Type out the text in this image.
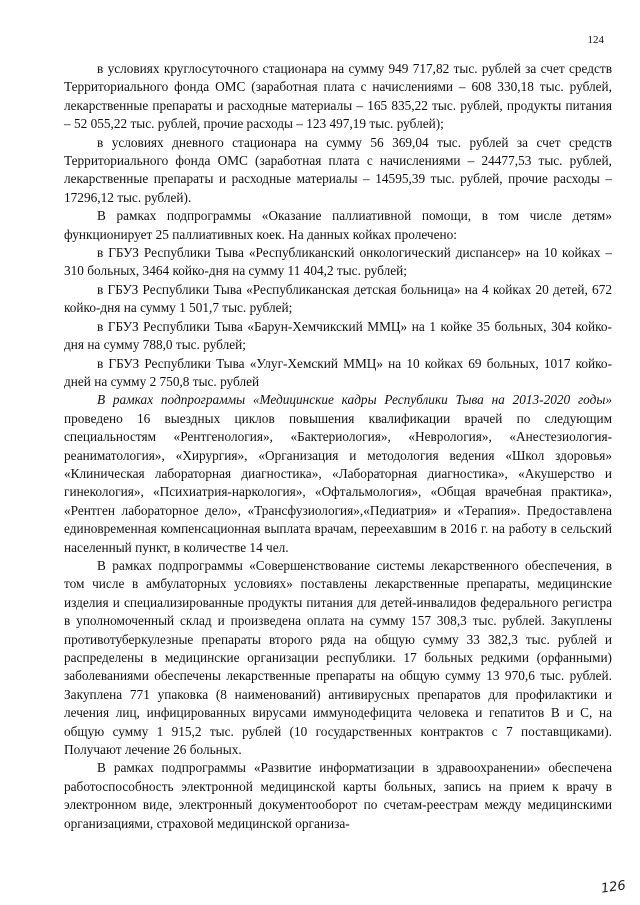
124

в условиях круглосуточного стационара на сумму 949 717,82 тыс. рублей за счет средств Территориального фонда ОМС (заработная плата с начислениями – 608 330,18 тыс. рублей, лекарственные препараты и расходные материалы – 165 835,22 тыс. рублей, продукты питания – 52 055,22 тыс. рублей, прочие расходы – 123 497,19 тыс. рублей);

в условиях дневного стационара на сумму 56 369,04 тыс. рублей за счет средств Территориального фонда ОМС (заработная плата с начислениями – 24477,53 тыс. рублей, лекарственные препараты и расходные материалы – 14595,39 тыс. рублей, прочие расходы – 17296,12 тыс. рублей).

В рамках подпрограммы «Оказание паллиативной помощи, в том числе детям» функционирует 25 паллиативных коек. На данных койках пролечено:

в ГБУЗ Республики Тыва «Республиканский онкологический диспансер» на 10 койках – 310 больных, 3464 койко-дня на сумму 11 404,2 тыс. рублей;

в ГБУЗ Республики Тыва «Республиканская детская больница» на 4 койках 20 детей, 672 койко-дня на сумму 1 501,7 тыс. рублей;

в ГБУЗ Республики Тыва «Барун-Хемчикский ММЦ» на 1 койке 35 больных, 304 койко-дня на сумму 788,0 тыс. рублей;

в ГБУЗ Республики Тыва «Улуг-Хемский ММЦ» на 10 койках 69 больных, 1017 койко-дней на сумму 2 750,8 тыс. рублей

В рамках подпрограммы «Медицинские кадры Республики Тыва на 2013-2020 годы» проведено 16 выездных циклов повышения квалификации врачей по следующим специальностям «Рентгенология», «Бактериология», «Неврология», «Анестезиология-реаниматология», «Хирургия», «Организация и методология ведения «Школ здоровья» «Клиническая лабораторная диагностика», «Лабораторная диагностика», «Акушерство и гинекология», «Психиатрия-наркология», «Офтальмология», «Общая врачебная практика», «Рентген лабораторное дело», «Трансфузиология»,«Педиатрия» и «Терапия». Предоставлена единовременная компенсационная выплата врачам, переехавшим в 2016 г. на работу в сельский населенный пункт, в количестве 14 чел.

В рамках подпрограммы «Совершенствование системы лекарственного обеспечения, в том числе в амбулаторных условиях» поставлены лекарственные препараты, медицинские изделия и специализированные продукты питания для детей-инвалидов федерального регистра в уполномоченный склад и произведена оплата на сумму 157 308,3 тыс. рублей. Закуплены противотуберкулезные препараты второго ряда на общую сумму 33 382,3 тыс. рублей и распределены в медицинские организации республики. 17 больных редкими (орфанными) заболеваниями обеспечены лекарственные препараты на общую сумму 13 970,6 тыс. рублей. Закуплена 771 упаковка (8 наименований) антивирусных препаратов для профилактики и лечения лиц, инфицированных вирусами иммунодефицита человека и гепатитов В и С, на общую сумму 1 915,2 тыс. рублей (10 государственных контрактов с 7 поставщиками). Получают лечение 26 больных.

В рамках подпрограммы «Развитие информатизации в здравоохранении» обеспечена работоспособность электронной медицинской карты больных, запись на прием к врачу в электронном виде, электронный документооборот по счетам-реестрам между медицинскими организациями, страховой медицинской организа-

126
